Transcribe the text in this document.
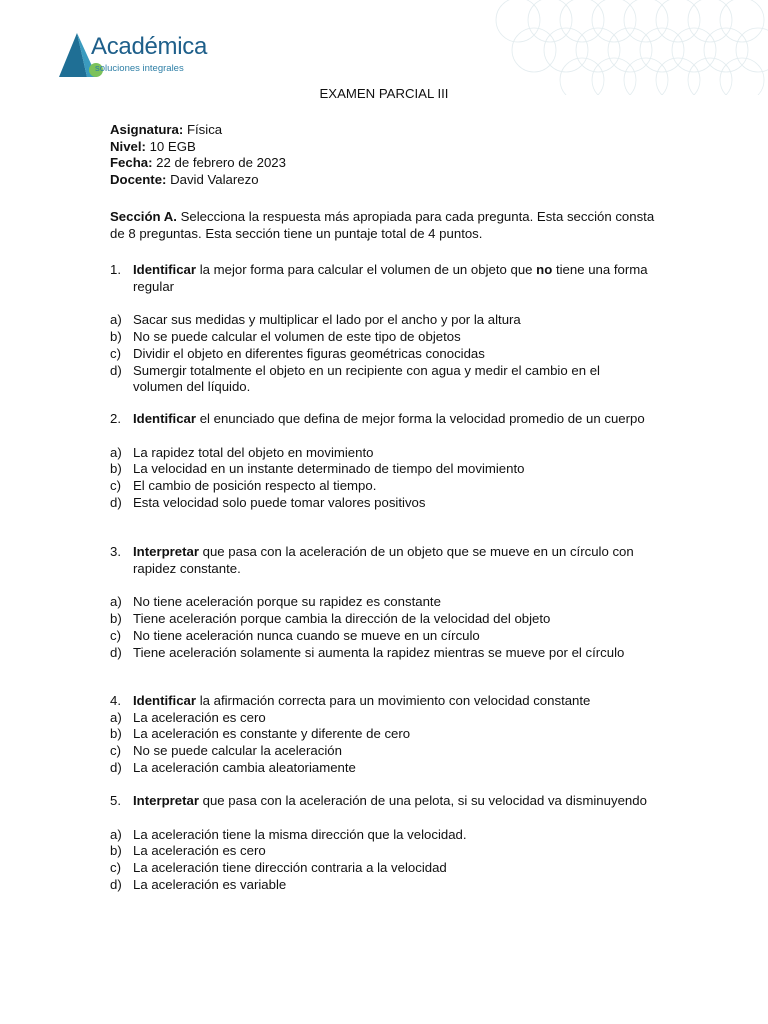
Académica
soluciones integrales
EXAMEN PARCIAL III
Asignatura: Física
Nivel: 10 EGB
Fecha: 22 de febrero de 2023
Docente: David Valarezo
Sección A. Selecciona la respuesta más apropiada para cada pregunta. Esta sección consta de 8 preguntas. Esta sección tiene un puntaje total de 4 puntos.
1. Identificar la mejor forma para calcular el volumen de un objeto que no tiene una forma regular
a) Sacar sus medidas y multiplicar el lado por el ancho y por la altura
b) No se puede calcular el volumen de este tipo de objetos
c) Dividir el objeto en diferentes figuras geométricas conocidas
d) Sumergir totalmente el objeto en un recipiente con agua y medir el cambio en el volumen del líquido.
2. Identificar el enunciado que defina de mejor forma la velocidad promedio de un cuerpo
a) La rapidez total del objeto en movimiento
b) La velocidad en un instante determinado de tiempo del movimiento
c) El cambio de posición respecto al tiempo.
d) Esta velocidad solo puede tomar valores positivos
3. Interpretar que pasa con la aceleración de un objeto que se mueve en un círculo con rapidez constante.
a) No tiene aceleración porque su rapidez es constante
b) Tiene aceleración porque cambia la dirección de la velocidad del objeto
c) No tiene aceleración nunca cuando se mueve en un círculo
d) Tiene aceleración solamente si aumenta la rapidez mientras se mueve por el círculo
4. Identificar la afirmación correcta para un movimiento con velocidad constante
a) La aceleración es cero
b) La aceleración es constante y diferente de cero
c) No se puede calcular la aceleración
d) La aceleración cambia aleatoriamente
5. Interpretar que pasa con la aceleración de una pelota, si su velocidad va disminuyendo
a) La aceleración tiene la misma dirección que la velocidad.
b) La aceleración es cero
c) La aceleración tiene dirección contraria a la velocidad
d) La aceleración es variable
